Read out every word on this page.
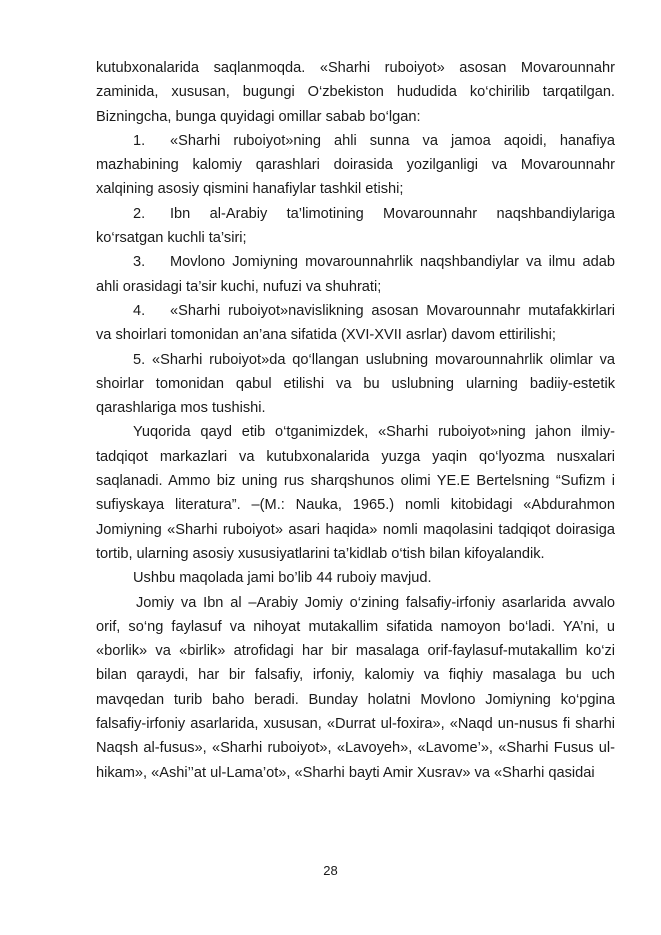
kutubxonalarida saqlanmoqda. «Sharhi ruboiyot» asosan Movarounnahr zaminida, xususan, bugungi O‘zbekiston hududida ko‘chirilib tarqatilgan. Bizningcha, bunga quyidagi omillar sabab bo‘lgan:

1. «Sharhi ruboiyot»ning ahli sunna va jamoa aqoidi, hanafiya mazhabining kalomiy qarashlari doirasida yozilganligi va Movarounnahr xalqining asosiy qismini hanafiylar tashkil etishi;

2. Ibn al-Arabiy ta’limotining Movarounnahr naqshbandiylariga ko‘rsatgan kuchli ta’siri;

3. Movlono Jomiyning movarounnahrlik naqshbandiylar va ilmu adab ahli orasidagi ta’sir kuchi, nufuzi va shuhrati;

4. «Sharhi ruboiyot»navislikning asosan Movarounnahr mutafakkirlari va shoirlari tomonidan an’ana sifatida (XVI-XVII asrlar) davom ettirilishi;

5. «Sharhi ruboiyot»da qo‘llangan uslubning movarounnahrlik olimlar va shoirlar tomonidan qabul etilishi va bu uslubning ularning badiiy-estetik qarashlariga mos tushishi.

Yuqorida qayd etib o‘tganimizdek, «Sharhi ruboiyot»ning jahon ilmiy-tadqiqot markazlari va kutubxonalarida yuzga yaqin qo‘lyozma nusxalari saqlanadi. Ammo biz uning rus sharqshunos olimi YE.E Bertelsning “Sufizm i sufiyskaya literatura”. –(M.: Nauka, 1965.) nomli kitobidagi «Abdurahmon Jomiyning «Sharhi ruboiyot» asari haqida» nomli maqolasini tadqiqot doirasiga tortib, ularning asosiy xususiyatlarini ta’kidlab o‘tish bilan kifoyalandik.

Ushbu maqolada jami bo’lib 44 ruboiy mavjud.

Jomiy va Ibn al –Arabiy Jomiy o‘zining falsafiy-irfoniy asarlarida avvalo orif, so‘ng faylasuf va nihoyat mutakallim sifatida namoyon bo‘ladi. YA’ni, u «borlik» va «birlik» atrofidagi har bir masalaga orif-faylasuf-mutakallim ko‘zi bilan qaraydi, har bir falsafiy, irfoniy, kalomiy va fiqhiy masalaga bu uch mavqedan turib baho beradi. Bunday holatni Movlono Jomiyning ko‘pgina falsafiy-irfoniy asarlarida, xususan, «Durrat ul-foxira», «Naqd un-nusus fi sharhi Naqsh al-fusus», «Sharhi ruboiyot», «Lavoyeh», «Lavome’», «Sharhi Fusus ul-hikam», «Ashi’’at ul-Lama’ot», «Sharhi bayti Amir Xusrav» va «Sharhi qasidai

28
